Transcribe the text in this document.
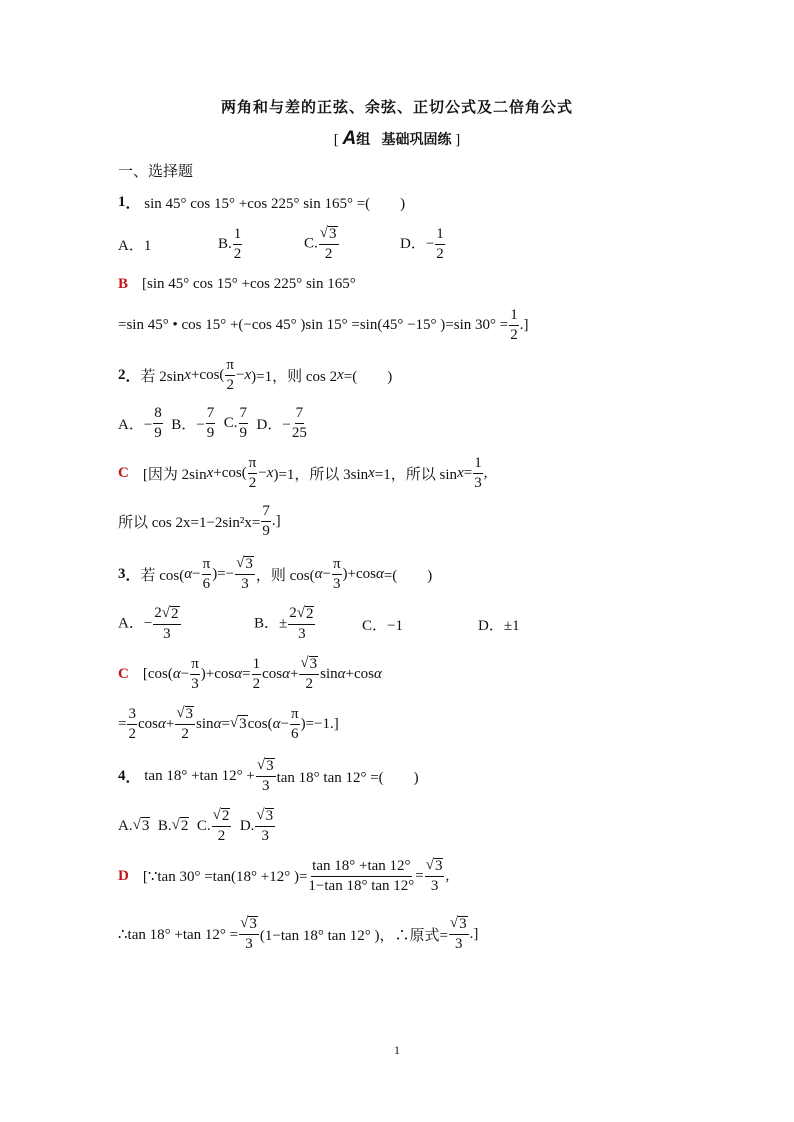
两角和与差的正弦、余弦、正切公式及二倍角公式
[ A组 基础巩固练 ]
一、选择题
1 ．
sin 45° cos 15° +cos 225° sin 165° =(　　)
A．1	B. $\frac{1}{2}$	C. $\frac{√ 3}{2}$	D．− $\frac{1}{2}$
B [sin 45° cos 15° +cos 225° sin 165°
=sin 45° • cos 15° +(−cos 45° )sin 15° =sin(45° −15° )=sin $30^\circ = \frac{1}{2}$ .]
2 ． 若 2sin $x +\cos( \frac{\pi}{2} - x$ )=1，则 cos 2 x =(　　)
A．− $\frac{8}{9}$ B．− $\frac{7}{9} C$. $\frac{7}{9}$ D．− $\frac{7}{25}$
C [因为 2sin $x +\cos( \frac{\pi}{2} - x$ )=1，所以 3sin x =1，所以 $\sin x = \frac{1}{3}$ ,
所以 $\cos 2x=1-2\sin^2x= \frac{7}{9}$ .]
3 ． 若 cos( $\alpha - \frac{\pi}{6}$ )=− $\frac{√ 3}{3}$ ，则 cos( $\alpha - \frac{\pi}{3} )+\cos$ α =(　　)
A．− $\frac{2√ 2}{3}$	B．± $\frac{2√ 2}{3}$	C．−1	D．±1
C [cos( $\alpha - \frac{\pi}{3} )+\cos$ $\alpha = \frac{1}{2}$ $\cos \alpha + \frac{√ 3}{2}$ sin α +cos α
= $\frac{3}{2}$ $\cos \alpha + \frac{√ 3}{2}$ sin α = √ 3 cos( $\alpha - \frac{\pi}{6} )=-1$.]
4 ． tan 18° +tan $12^\circ + \frac{√ 3}{3}$ tan 18° tan 12° =(　　)
A. √ 3 B. √ 2 C. $\frac{√ 2}{2} D$. $\frac{√ 3}{3}$
D [∵tan 30° =tan(18° +12° )= $\frac{\tan 18^\circ +\tan 12^\circ}{1-\tan 18^\circ \tan 12^\circ} = \frac{√ 3}{3}$ ,
∴tan 18° +tan $12^\circ = \frac{√ 3}{3} (1-\tan$ 18° tan 12° )，∴原式= $\frac{√ 3}{3}$ .]
1
